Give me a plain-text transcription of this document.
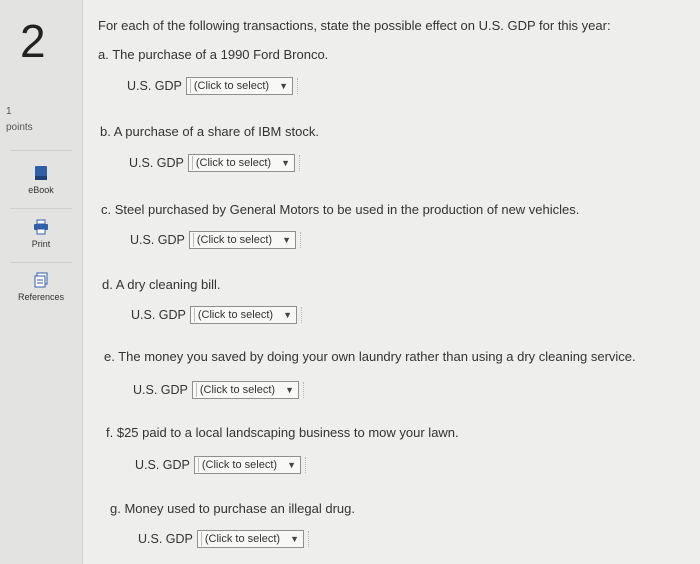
2
1
points
eBook
Print
References
For each of the following transactions, state the possible effect on U.S. GDP for this year:
a. The purchase of a 1990 Ford Bronco.
U.S. GDP	(Click to select) ▼
b. A purchase of a share of IBM stock.
U.S. GDP	(Click to select) ▼
c. Steel purchased by General Motors to be used in the production of new vehicles.
U.S. GDP	(Click to select) ▼
d. A dry cleaning bill.
U.S. GDP	(Click to select) ▼
e. The money you saved by doing your own laundry rather than using a dry cleaning service.
U.S. GDP	(Click to select) ▼
f. $25 paid to a local landscaping business to mow your lawn.
U.S. GDP	(Click to select) ▼
g. Money used to purchase an illegal drug.
U.S. GDP	(Click to select) ▼
